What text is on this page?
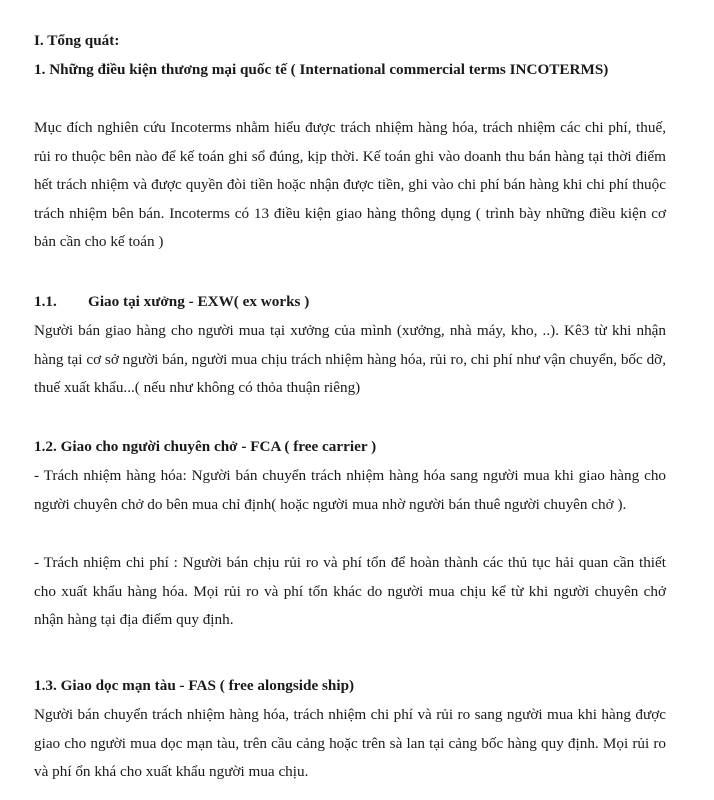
I. Tổng quát:

1. Những điều kiện thương mại quốc tế ( International commercial terms INCOTERMS)

Mục đích nghiên cứu Incoterms nhằm hiểu được trách nhiệm hàng hóa, trách nhiệm các chi phí, thuế, rủi ro thuộc bên nào để kế toán ghi sổ đúng, kịp thời. Kế toán ghi vào doanh thu bán hàng tại thời điểm hết trách nhiệm và được quyền đòi tiền hoặc nhận được tiền, ghi vào chi phí bán hàng khi chi phí thuộc trách nhiệm bên bán. Incoterms có 13 điều kiện giao hàng thông dụng ( trình bày những điều kiện cơ bản cần cho kế toán )

1.1. Giao tại xưởng - EXW( ex works )

Người bán giao hàng cho người mua tại xưởng của mình (xưởng, nhà máy, kho, ..). Kê3 từ khi nhận hàng tại cơ sở người bán, người mua chịu trách nhiệm hàng hóa, rủi ro, chi phí như vận chuyển, bốc dỡ, thuế xuất khẩu...( nếu như không có thỏa thuận riêng)

1.2. Giao cho người chuyên chở - FCA ( free carrier )

- Trách nhiệm hàng hóa: Người bán chuyển trách nhiệm hàng hóa sang người mua khi giao hàng cho người chuyên chở do bên mua chỉ định( hoặc người mua nhờ người bán thuê người chuyên chở ).

- Trách nhiệm chi phí : Người bán chịu rủi ro và phí tổn để hoàn thành các thủ tục hải quan cần thiết cho xuất khẩu hàng hóa. Mọi rủi ro và phí tổn khác do người mua chịu kể từ khi người chuyên chở nhận hàng tại địa điểm quy định.

1.3. Giao dọc mạn tàu - FAS ( free alongside ship)

Người bán chuyển trách nhiệm hàng hóa, trách nhiệm chi phí và rủi ro sang người mua khi hàng được giao cho người mua dọc mạn tàu, trên cầu cảng hoặc trên sà lan tại cảng bốc hàng quy định. Mọi rủi ro và phí ổn khá cho xuất khẩu người mua chịu.
